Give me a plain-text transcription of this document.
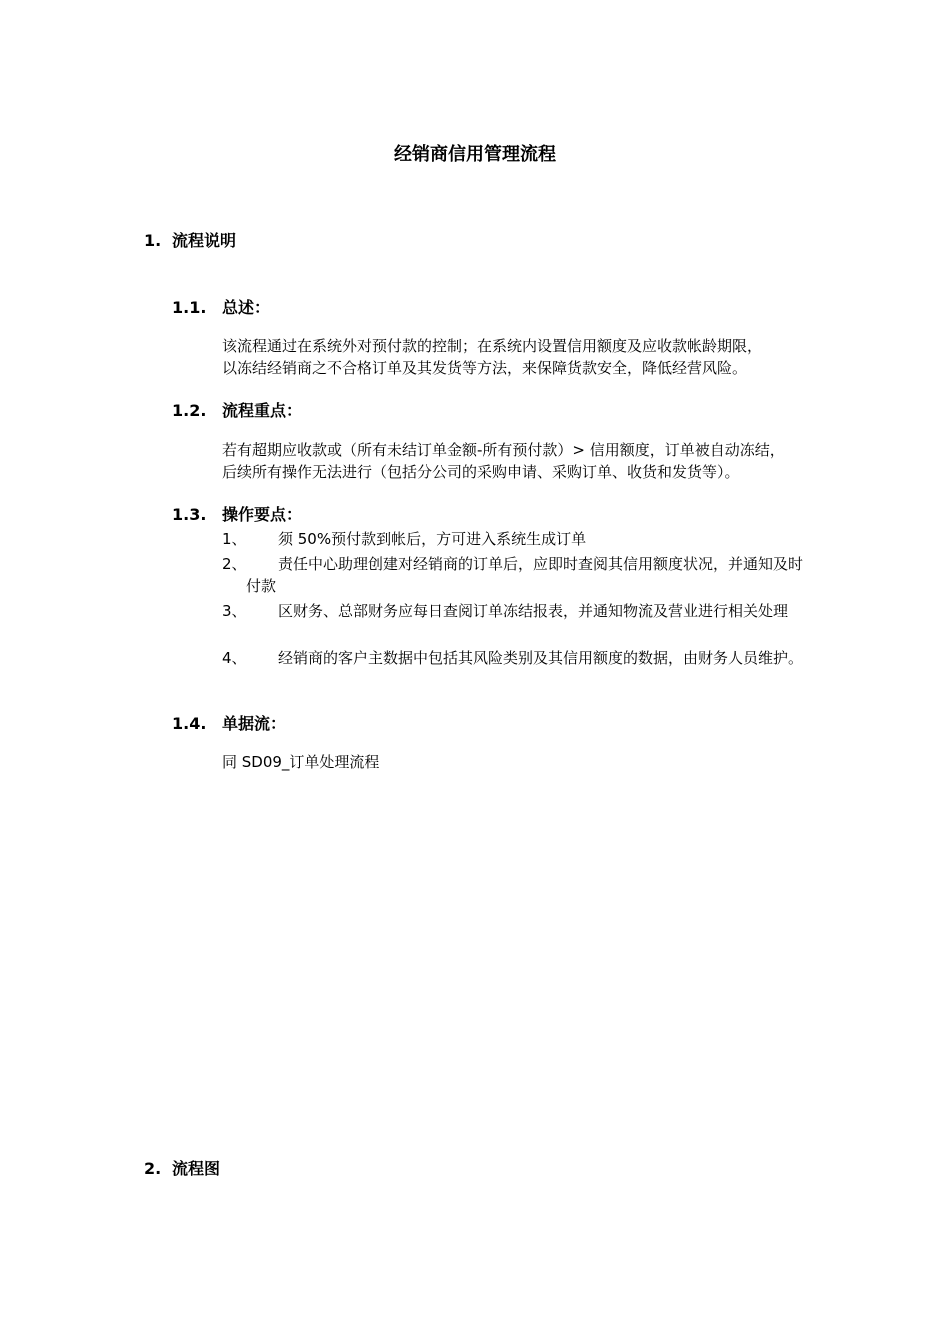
经销商信用管理流程
1. 流程说明
1.1. 总述：
该流程通过在系统外对预付款的控制；在系统内设置信用额度及应收款帐龄期限，
以冻结经销商之不合格订单及其发货等方法，来保障货款安全，降低经营风险。
1.2. 流程重点：
若有超期应收款或（所有未结订单金额-所有预付款）> 信用额度，订单被自动冻结，
后续所有操作无法进行（包括分公司的采购申请、采购订单、收货和发货等）。
1.3. 操作要点：
1、	须 50%预付款到帐后，方可进入系统生成订单
2、	责任中心助理创建对经销商的订单后，应即时查阅其信用额度状况，并通知及时付款
3、	区财务、总部财务应每日查阅订单冻结报表，并通知物流及营业进行相关处理
4、	经销商的客户主数据中包括其风险类别及其信用额度的数据，由财务人员维护。
1.4. 单据流：
同 SD09_订单处理流程
2. 流程图
